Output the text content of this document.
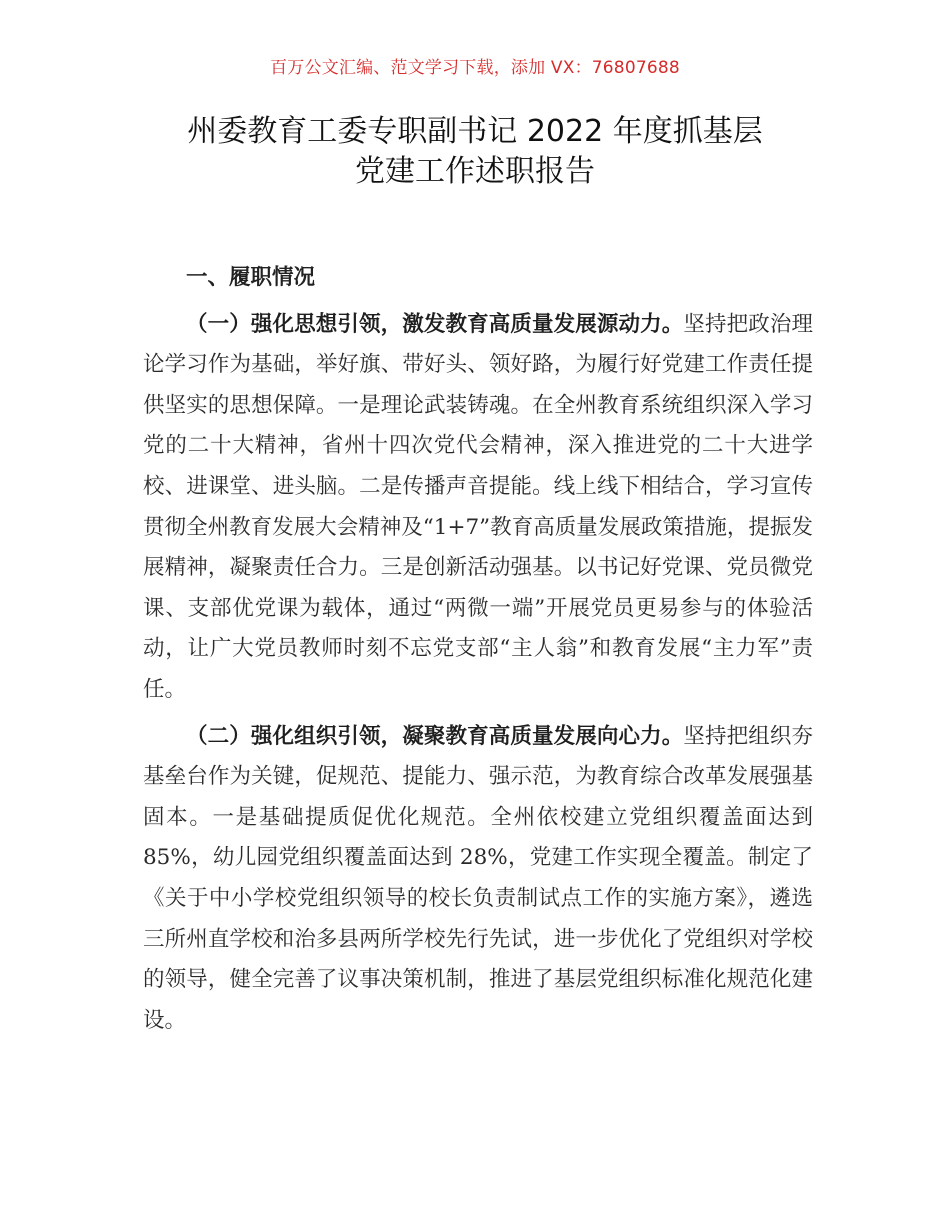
百万公文汇编、范文学习下载，添加 VX：76807688
州委教育工委专职副书记 2022 年度抓基层
党建工作述职报告

一、履职情况

（一）强化思想引领，激发教育高质量发展源动力。坚持把政治理论学习作为基础，举好旗、带好头、领好路，为履行好党建工作责任提供坚实的思想保障。一是理论武装铸魂。在全州教育系统组织深入学习党的二十大精神，省州十四次党代会精神，深入推进党的二十大进学校、进课堂、进头脑。二是传播声音提能。线上线下相结合，学习宣传贯彻全州教育发展大会精神及“1+7”教育高质量发展政策措施，提振发展精神，凝聚责任合力。三是创新活动强基。以书记好党课、党员微党课、支部优党课为载体，通过“两微一端”开展党员更易参与的体验活动，让广大党员教师时刻不忘党支部“主人翁”和教育发展“主力军”责任。

（二）强化组织引领，凝聚教育高质量发展向心力。坚持把组织夯基垒台作为关键，促规范、提能力、强示范，为教育综合改革发展强基固本。一是基础提质促优化规范。全州依校建立党组织覆盖面达到 85%，幼儿园党组织覆盖面达到 28%，党建工作实现全覆盖。制定了《关于中小学校党组织领导的校长负责制试点工作的实施方案》，遴选三所州直学校和治多县两所学校先行先试，进一步优化了党组织对学校的领导，健全完善了议事决策机制，推进了基层党组织标准化规范化建设。
